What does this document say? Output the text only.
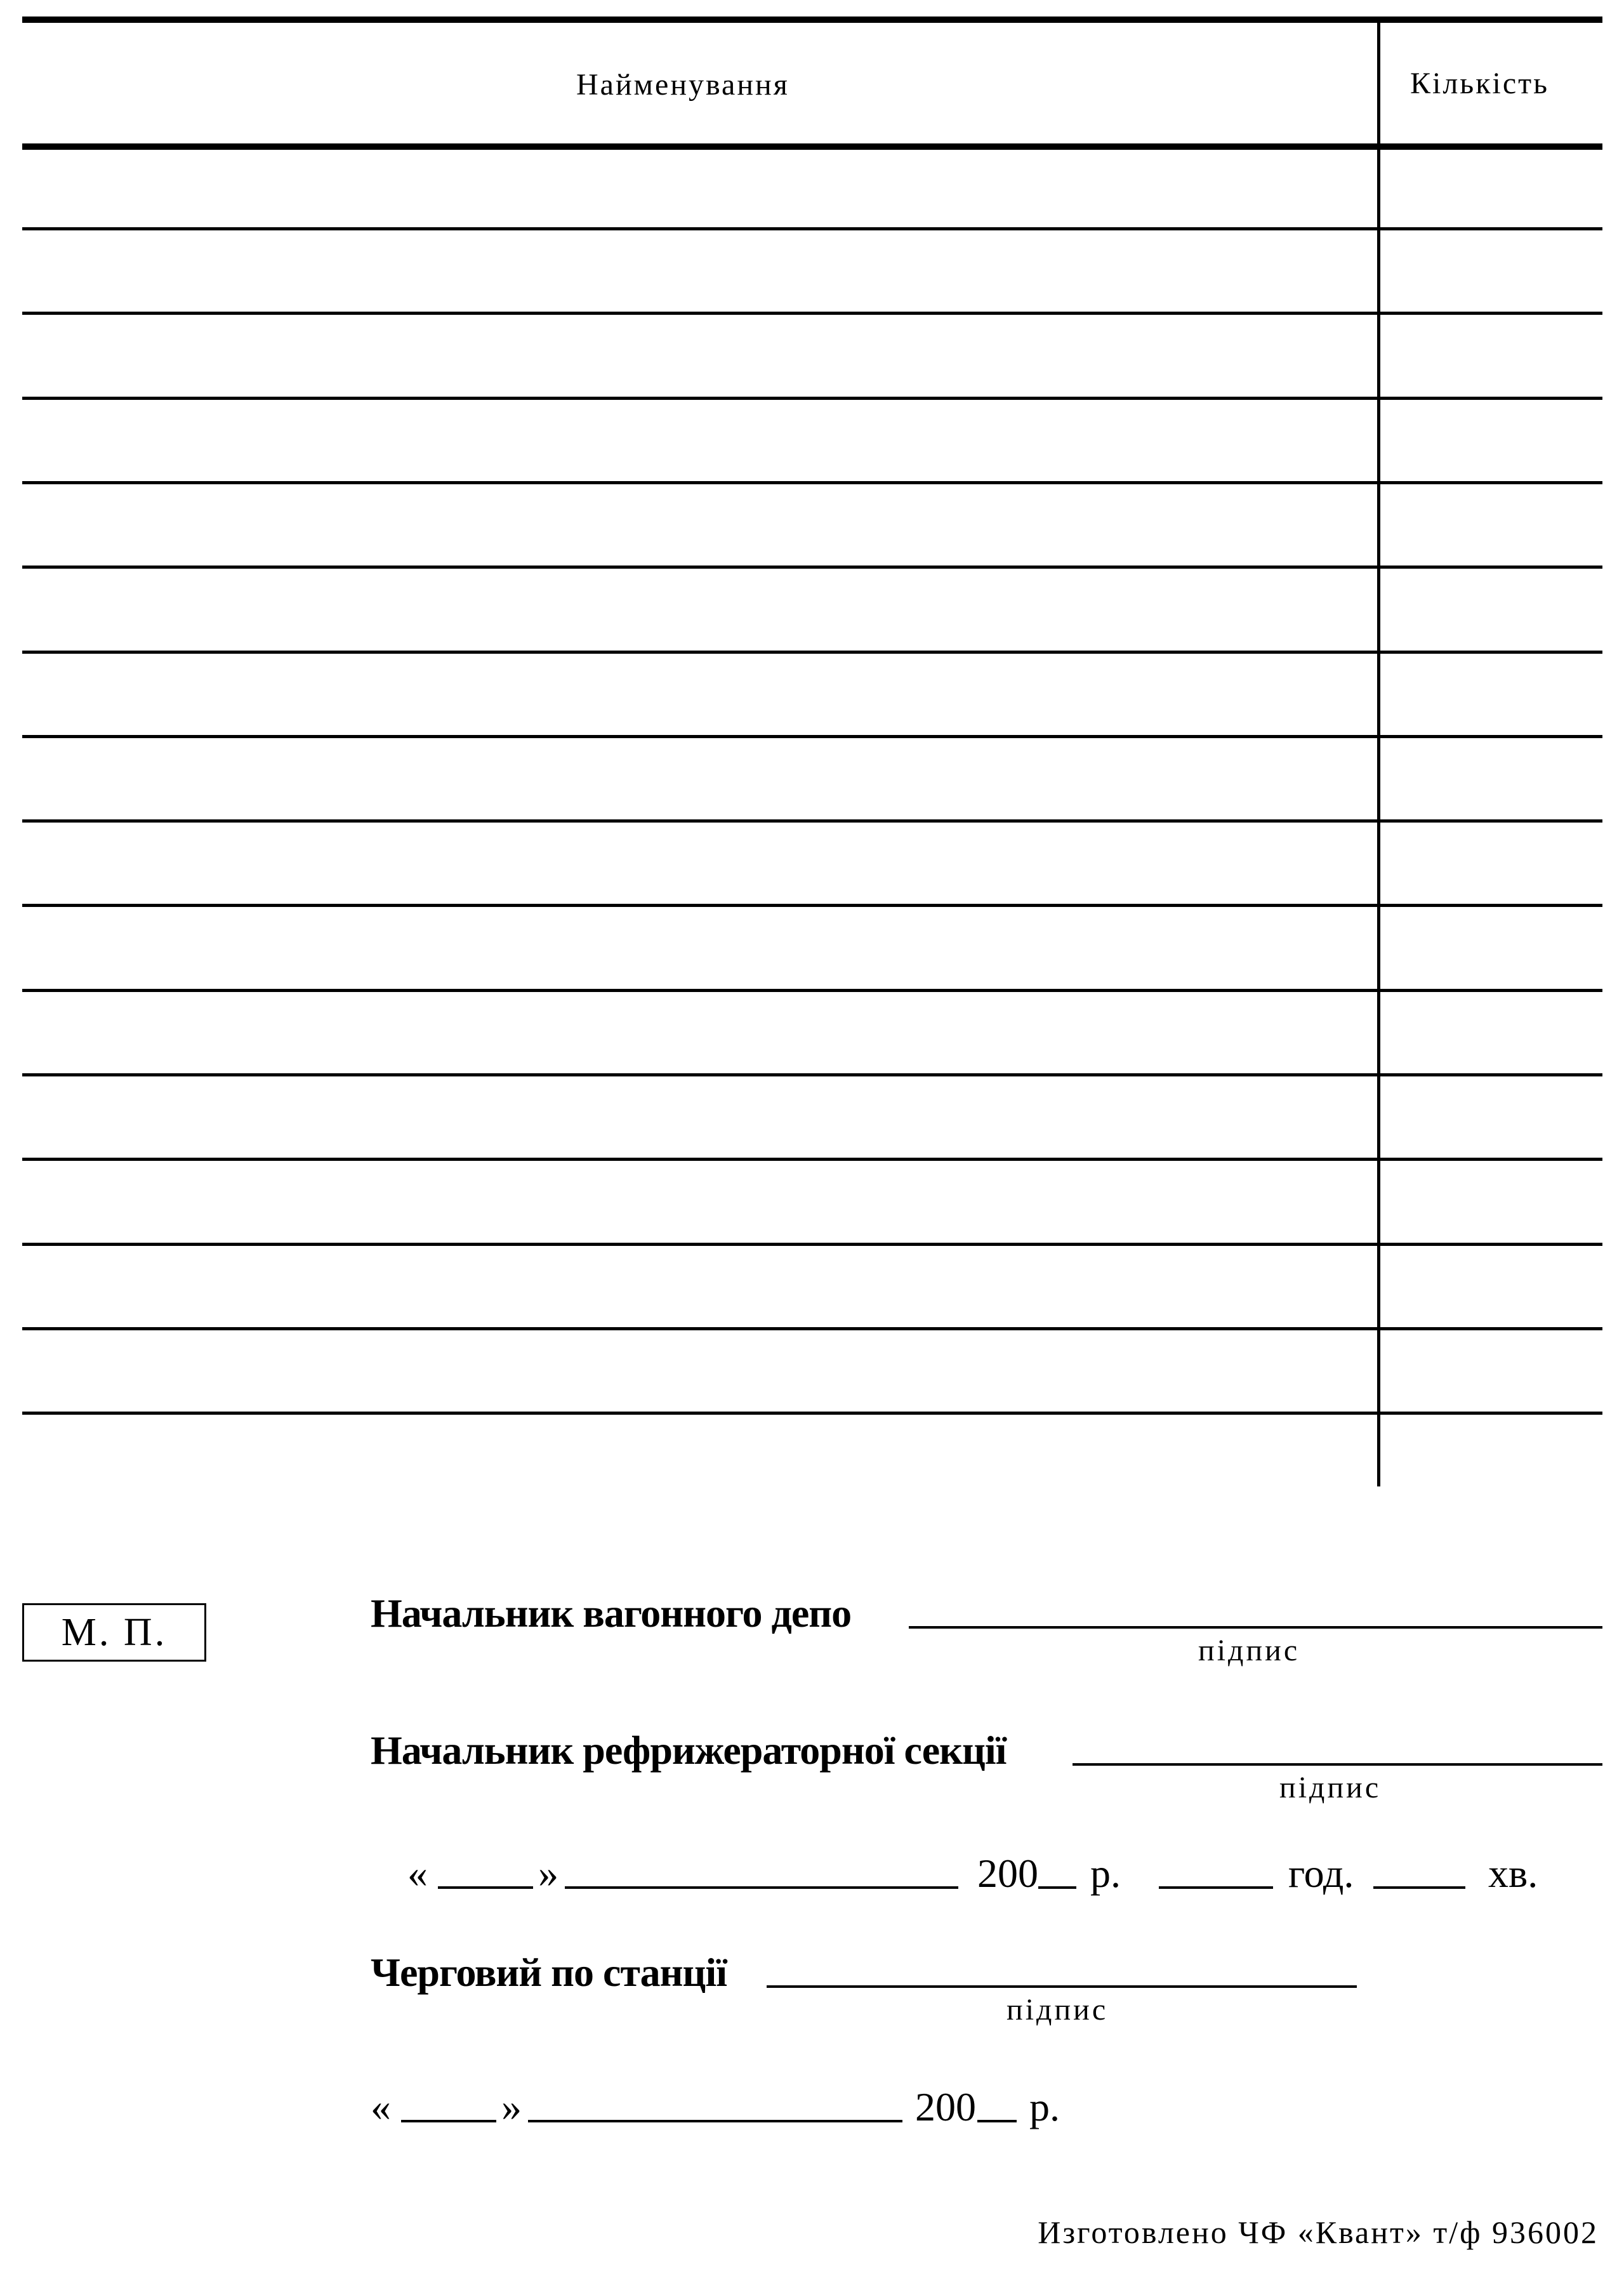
Найменування	Кількість
М. П.	Начальник вагонного депо
підпис
Начальник рефрижераторної секції
підпис
«	»	200 р.	год.	хв.
Черговий по станції
підпис
«	»	200 р.
Изготовлено ЧФ «Квант» т/ф 936002
